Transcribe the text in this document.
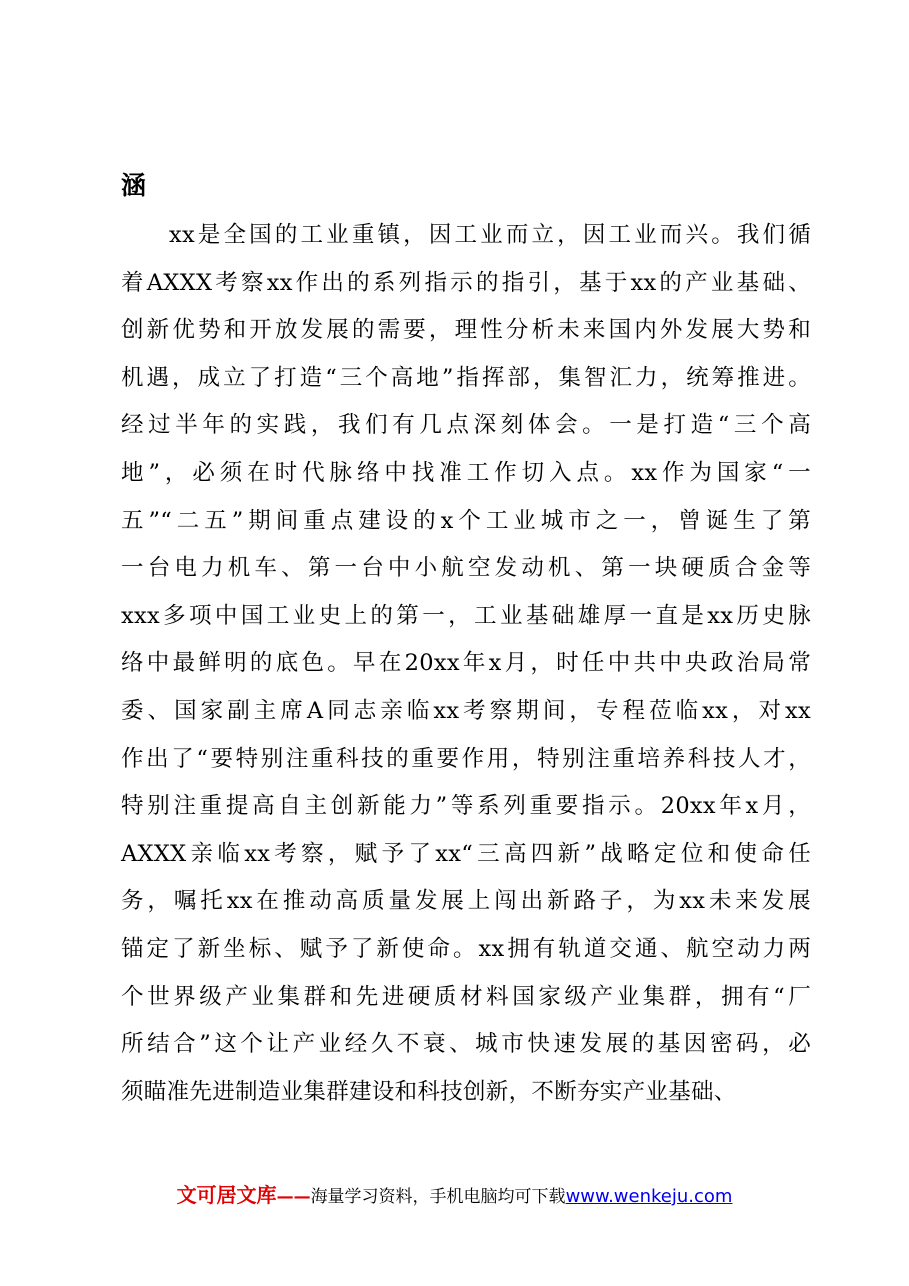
涵
xx是全国的工业重镇，因工业而立，因工业而兴。我们循
着AXXX考察xx作出的系列指示的指引，基于xx的产业基础、
创新优势和开放发展的需要，理性分析未来国内外发展大势和
机遇，成立了打造“三个高地”指挥部，集智汇力，统筹推进。
经过半年的实践，我们有几点深刻体会。一是打造“三个高
地”，必须在时代脉络中找准工作切入点。xx作为国家“一
五”“二五”期间重点建设的x个工业城市之一，曾诞生了第
一台电力机车、第一台中小航空发动机、第一块硬质合金等
xxx多项中国工业史上的第一，工业基础雄厚一直是xx历史脉
络中最鲜明的底色。早在20xx年x月，时任中共中央政治局常
委、国家副主席A同志亲临xx考察期间，专程莅临xx，对xx
作出了“要特别注重科技的重要作用，特别注重培养科技人才，
特别注重提高自主创新能力”等系列重要指示。20xx年x月，
AXXX亲临xx考察，赋予了xx“三高四新”战略定位和使命任
务，嘱托xx在推动高质量发展上闯出新路子，为xx未来发展
锚定了新坐标、赋予了新使命。xx拥有轨道交通、航空动力两
个世界级产业集群和先进硬质材料国家级产业集群，拥有“厂
所结合”这个让产业经久不衰、城市快速发展的基因密码，必
须瞄准先进制造业集群建设和科技创新，不断夯实产业基础、
文可居文库——海量学习资料，手机电脑均可下载www.wenkeju.com
